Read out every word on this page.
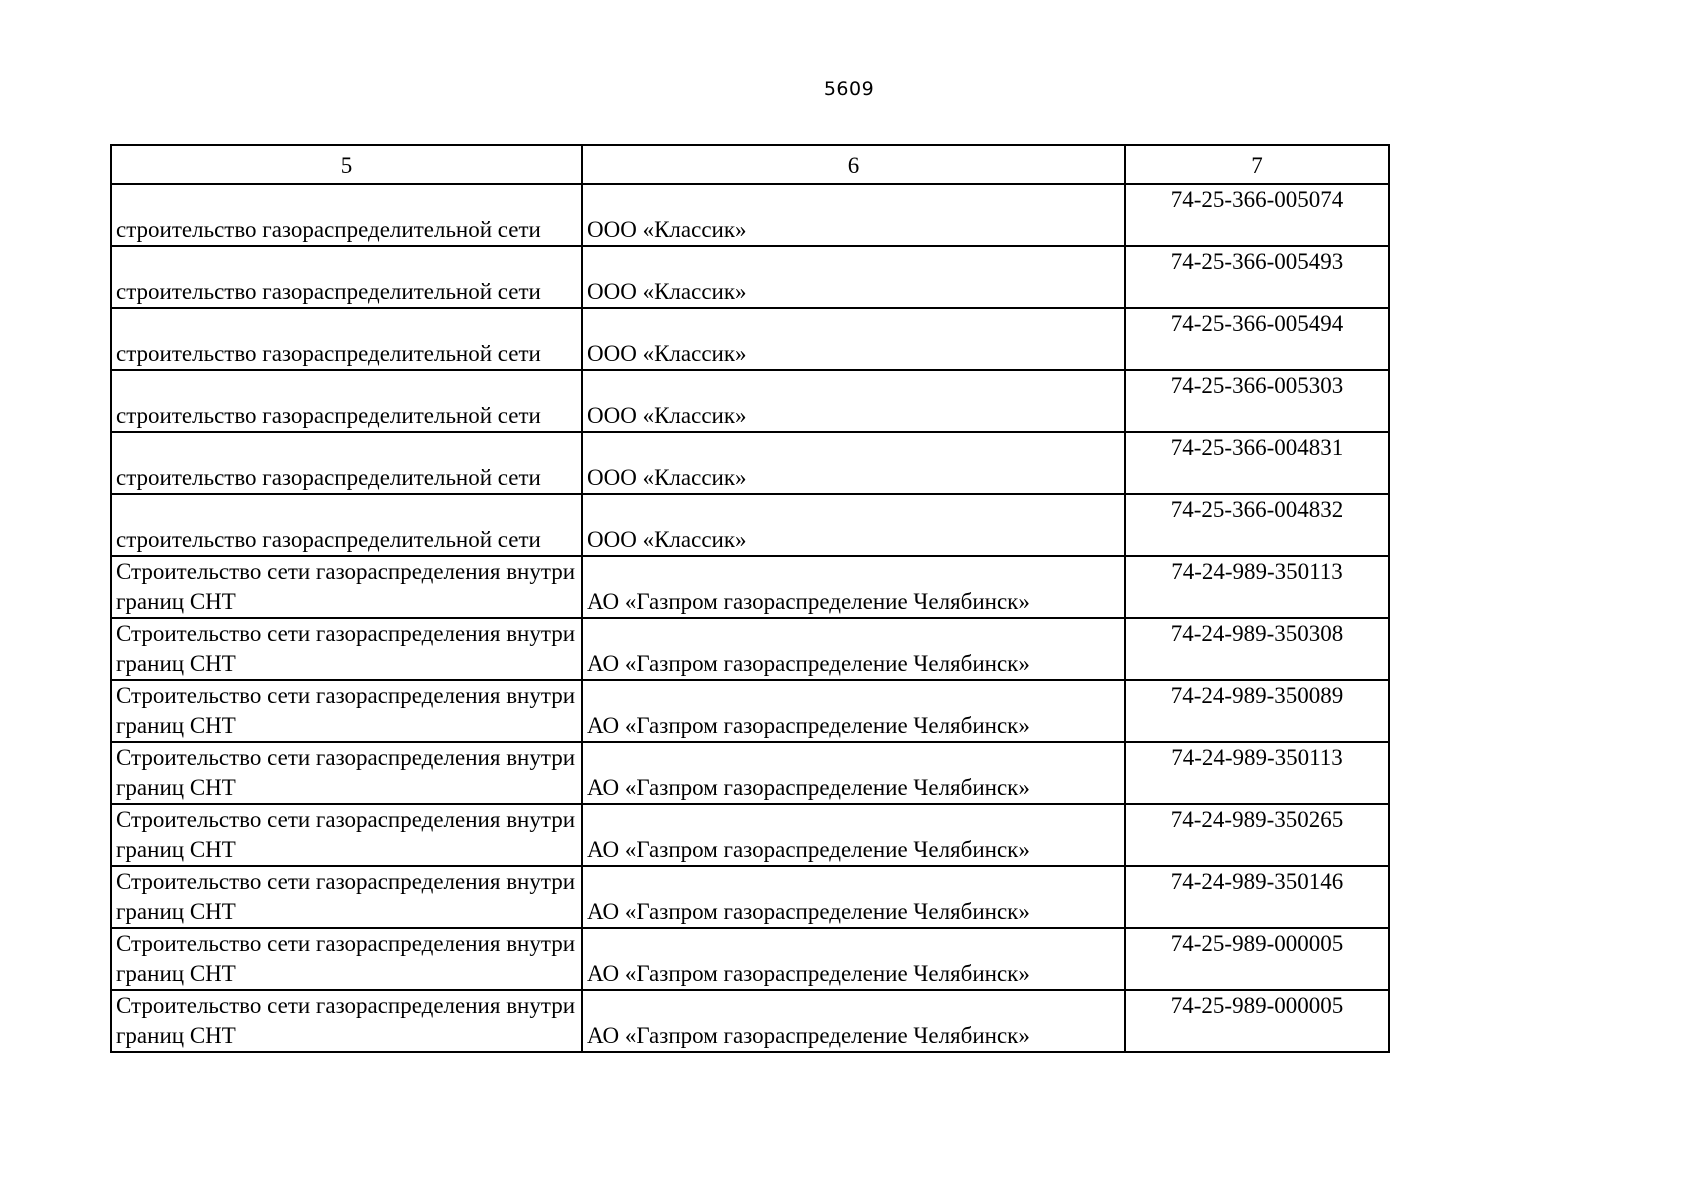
5609
5	6	7
строительство газораспределительной сети	ООО «Классик»	74-25-366-005074
строительство газораспределительной сети	ООО «Классик»	74-25-366-005493
строительство газораспределительной сети	ООО «Классик»	74-25-366-005494
строительство газораспределительной сети	ООО «Классик»	74-25-366-005303
строительство газораспределительной сети	ООО «Классик»	74-25-366-004831
строительство газораспределительной сети	ООО «Классик»	74-25-366-004832
Строительство сети газораспределения внутри границ СНТ	АО «Газпром газораспределение Челябинск»	74-24-989-350113
Строительство сети газораспределения внутри границ СНТ	АО «Газпром газораспределение Челябинск»	74-24-989-350308
Строительство сети газораспределения внутри границ СНТ	АО «Газпром газораспределение Челябинск»	74-24-989-350089
Строительство сети газораспределения внутри границ СНТ	АО «Газпром газораспределение Челябинск»	74-24-989-350113
Строительство сети газораспределения внутри границ СНТ	АО «Газпром газораспределение Челябинск»	74-24-989-350265
Строительство сети газораспределения внутри границ СНТ	АО «Газпром газораспределение Челябинск»	74-24-989-350146
Строительство сети газораспределения внутри границ СНТ	АО «Газпром газораспределение Челябинск»	74-25-989-000005
Строительство сети газораспределения внутри границ СНТ	АО «Газпром газораспределение Челябинск»	74-25-989-000005
